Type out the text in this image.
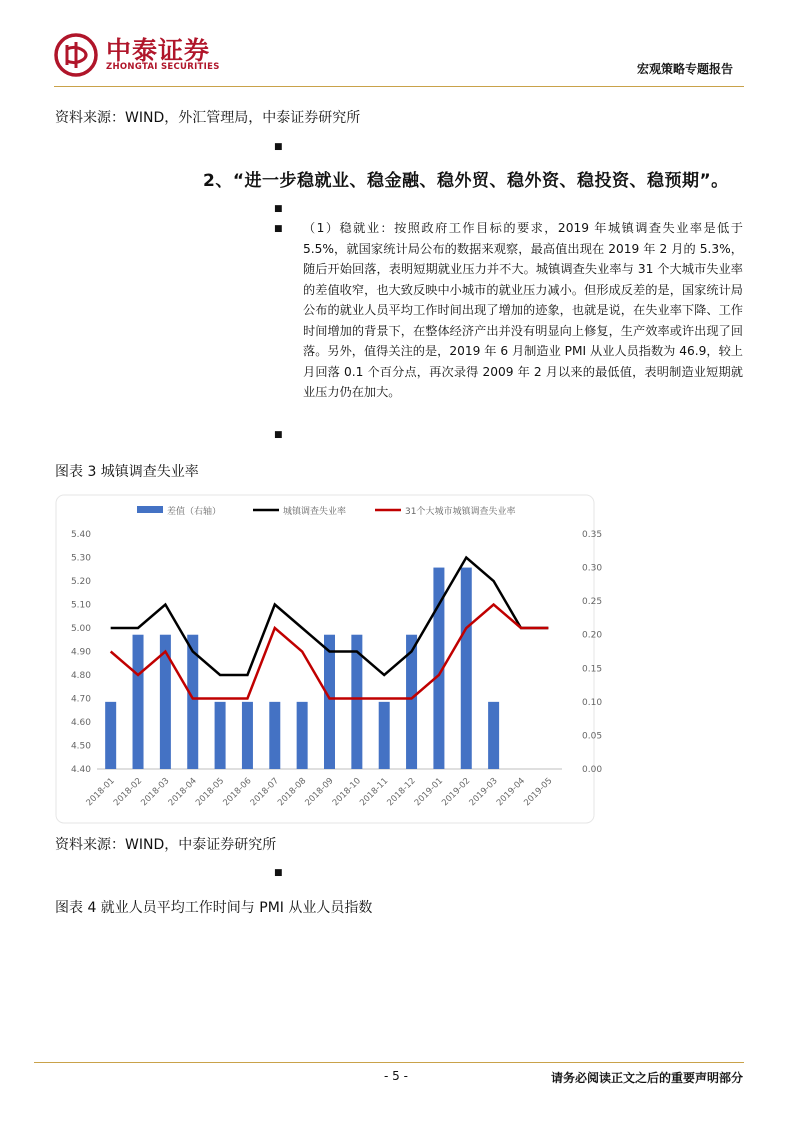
中泰证券
ZHONGTAI SECURITIES	宏观策略专题报告
资料来源：WIND，外汇管理局，中泰证券研究所
■
2、“进一步稳就业、稳金融、稳外贸、稳外资、稳投资、稳预期”。
■
■ （1）稳就业：按照政府工作目标的要求，2019 年城镇调查失业率是低于 5.5%，就国家统计局公布的数据来观察，最高值出现在 2019 年 2 月的 5.3%，随后开始回落，表明短期就业压力并不大。城镇调查失业率与 31 个大城市失业率的差值收窄，也大致反映中小城市的就业压力减小。但形成反差的是，国家统计局公布的就业人员平均工作时间出现了增加的迹象，也就是说，在失业率下降、工作时间增加的背景下，在整体经济产出并没有明显向上修复，生产效率或许出现了回落。另外，值得关注的是，2019 年 6 月制造业 PMI 从业人员指数为 46.9，较上月回落 0.1 个百分点，再次录得 2009 年 2 月以来的最低值，表明制造业短期就业压力仍在加大。
■
图表 3 城镇调查失业率
4.40
4.50
4.60
4.70
4.80
4.90
5.00
5.10
5.20
5.30
5.40
0.00
0.05
0.10
0.15
0.20
0.25
0.30
0.35
2018-01
2018-02
2018-03
2018-04
2018-05
2018-06
2018-07
2018-08
2018-09
2018-10
2018-11
2018-12
2019-01
2019-02
2019-03
2019-04
2019-05
差值（右轴）	城镇调查失业率	31个大城市城镇调查失业率
资料来源：WIND，中泰证券研究所
■
图表 4 就业人员平均工作时间与 PMI 从业人员指数
- 5 -	请务必阅读正文之后的重要声明部分
